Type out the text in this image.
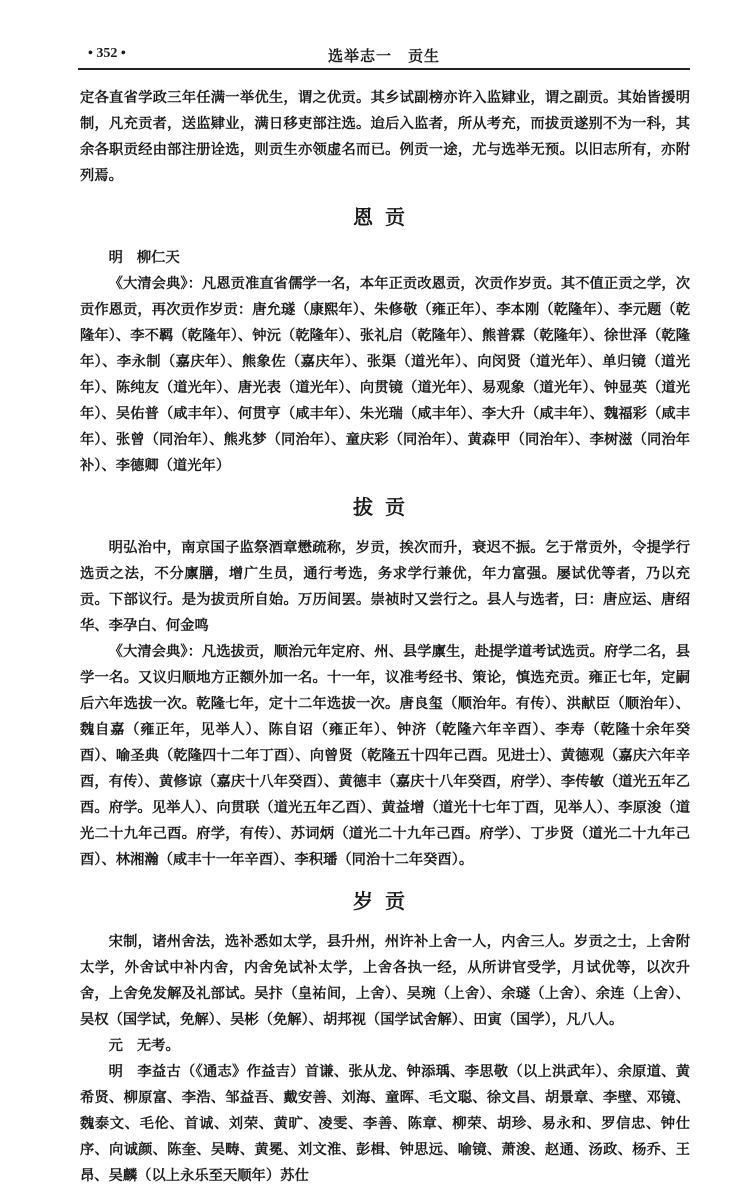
• 352 •	选举志一　贡生

定各直省学政三年任满一举优生，谓之优贡。其乡试副榜亦许入监肄业，谓之副贡。其始皆援明制，凡充贡者，送监肄业，满日移吏部注选。迨后入监者，所从考充，而拔贡遂别不为一科，其余各职贡经由部注册诠选，则贡生亦领虚名而已。例贡一途，尤与选举无预。以旧志所有，亦附列焉。

恩贡

明 柳仁天

《大清会典》：凡恩贡准直省儒学一名，本年正贡改恩贡，次贡作岁贡。其不值正贡之学，次贡作恩贡，再次贡作岁贡：唐允璲（康熙年）、朱修敬（雍正年）、李本刚（乾隆年）、李元题（乾隆年）、李不羁（乾隆年）、钟沅（乾隆年）、张礼启（乾隆年）、熊普霖（乾隆年）、徐世泽（乾隆年）、李永制（嘉庆年）、熊象佐（嘉庆年）、张渠（道光年）、向闵贤（道光年）、单归镜（道光年）、陈纯友（道光年）、唐光表（道光年）、向贯镜（道光年）、易观象（道光年）、钟显英（道光年）、吴佑普（咸丰年）、何贯亨（咸丰年）、朱光瑞（咸丰年）、李大升（咸丰年）、魏福彩（咸丰年）、张曾（同治年）、熊兆梦（同治年）、童庆彩（同治年）、黄森甲（同治年）、李树滋（同治年补）、李德卿（道光年）

拔贡

明弘治中，南京国子监祭酒章懋疏称，岁贡，挨次而升，衰迟不振。乞于常贡外，令提学行选贡之法，不分廪膳，增广生员，通行考选，务求学行兼优，年力富强。屡试优等者，乃以充贡。下部议行。是为拔贡所自始。万历间罢。崇祯时又尝行之。县人与选者，曰：唐应运、唐绍华、李孕白、何金鸣

《大清会典》：凡选拔贡，顺治元年定府、州、县学廪生，赴提学道考试选贡。府学二名，县学一名。又议归顺地方正额外加一名。十一年，议准考经书、策论，慎选充贡。雍正七年，定嗣后六年选拔一次。乾隆七年，定十二年选拔一次。唐良玺（顺治年。有传）、洪献臣（顺治年）、魏自嘉（雍正年，见举人）、陈自诏（雍正年）、钟济（乾隆六年辛酉）、李寿（乾隆十余年癸酉）、喻圣典（乾隆四十二年丁酉）、向曾贤（乾隆五十四年己酉。见进士）、黄德观（嘉庆六年辛酉，有传）、黄修谅（嘉庆十八年癸酉）、黄德丰（嘉庆十八年癸酉，府学）、李传敏（道光五年乙酉。府学。见举人）、向贯联（道光五年乙酉）、黄益增（道光十七年丁酉，见举人）、李原浚（道光二十九年己酉。府学，有传）、苏词炳（道光二十九年己酉。府学）、丁步贤（道光二十九年己酉）、林湘瀚（咸丰十一年辛酉）、李积璠（同治十二年癸酉）。

岁贡

宋制，诸州舍法，选补悉如太学，县升州，州许补上舍一人，内舍三人。岁贡之士，上舍附太学，外舍试中补内舍，内舍免试补太学，上舍各执一经，从所讲官受学，月试优等，以次升舍，上舍免发解及礼部试。吴抃（皇祐间，上舍）、吴琬（上舍）、余璲（上舍）、余连（上舍）、吴权（国学试，免解）、吴彬（免解）、胡邦视（国学试舍解）、田寅（国学），凡八人。

元 无考。

明 李益古（《通志》作益吉）首谦、张从龙、钟添瑀、李思敬（以上洪武年）、余原道、黄希贤、柳原富、李浩、邹益吾、戴安善、刘海、童晖、毛文聪、徐文昌、胡景章、李壁、邓镜、魏泰文、毛伦、首诚、刘荣、黄旷、凌雯、李善、陈章、柳荣、胡珍、易永和、罗信忠、钟仕序、向诚颜、陈奎、吴畴、黄冕、刘文淮、彭楫、钟思远、喻镜、萧浚、赵通、汤政、杨乔、王昂、吴麟（以上永乐至天顺年）苏仕
